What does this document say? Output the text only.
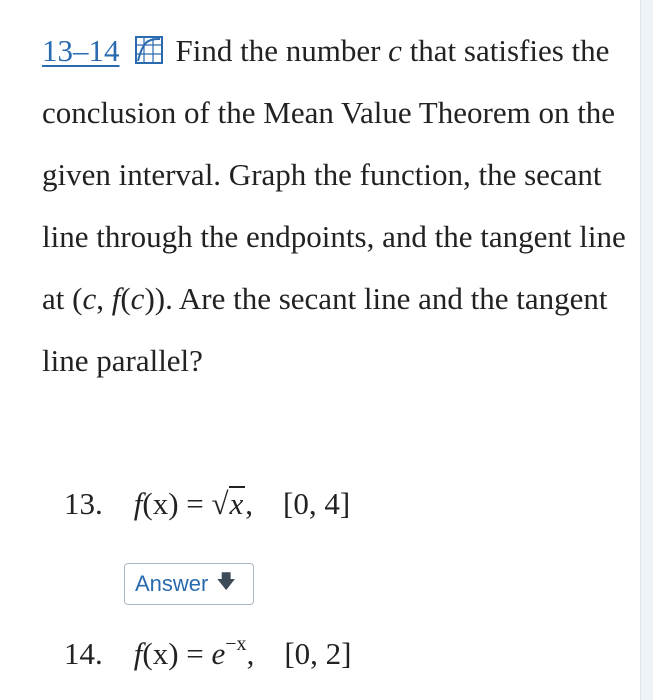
13–14 Find the number c that satisfies the conclusion of the Mean Value Theorem on the given interval. Graph the function, the secant line through the endpoints, and the tangent line at (c, f(c)). Are the secant line and the tangent line parallel?

13. f(x) = √x, [0, 4]
Answer 🡇
14. $f(x) = e^{-x}$, [0, 2]
